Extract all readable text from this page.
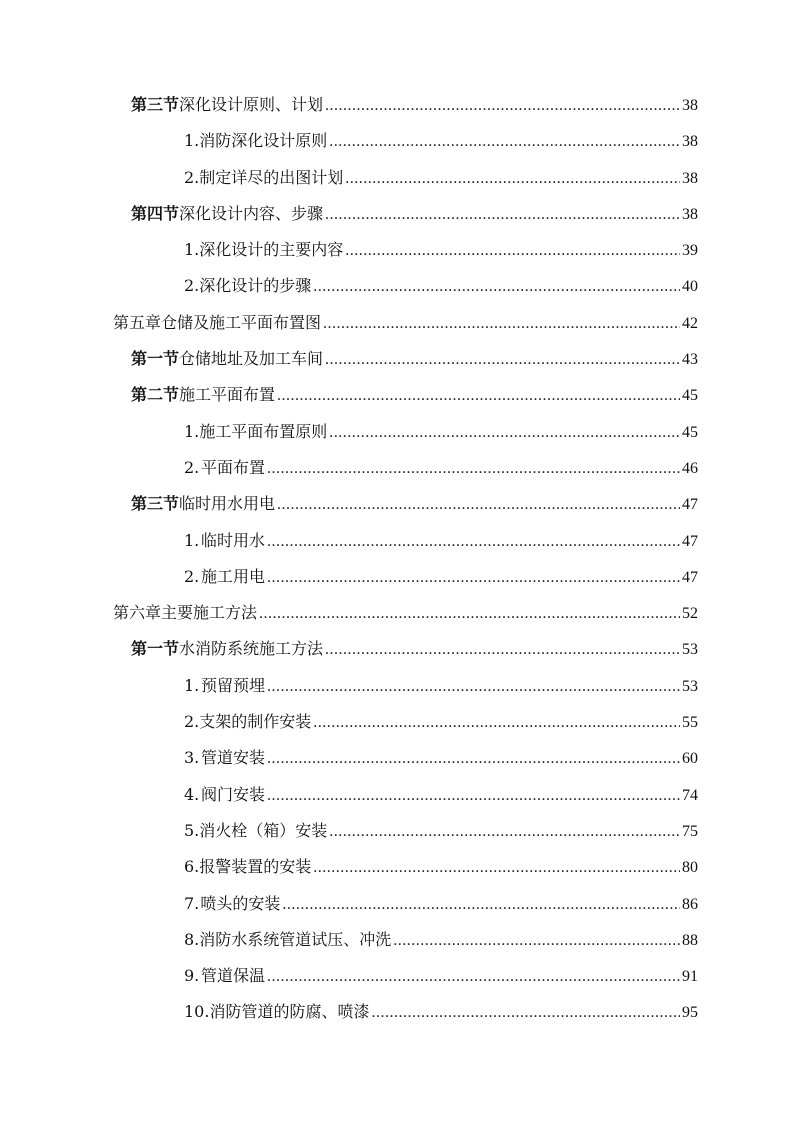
第三节 深化设计原则、计划 .....	38
1. 消防深化设计原则 .....	38
2. 制定详尽的出图计划 .....	38
第四节 深化设计内容、步骤 .....	38
1. 深化设计的主要内容 .....	39
2. 深化设计的步骤 .....	40
第五章 仓储及施工平面布置图 .....	42
第一节 仓储地址及加工车间 .....	43
第二节 施工平面布置 .....	45
1. 施工平面布置原则 .....	45
2. 平面布置 .....	46
第三节 临时用水用电 .....	47
1. 临时用水 .....	47
2. 施工用电 .....	47
第六章 主要施工方法 .....	52
第一节 水消防系统施工方法 .....	53
1. 预留预埋 .....	53
2. 支架的制作安装 .....	55
3. 管道安装 .....	60
4. 阀门安装 .....	74
5. 消火栓（箱）安装 .....	75
6. 报警装置的安装 .....	80
7. 喷头的安装 .....	86
8. 消防水系统管道试压、冲洗 .....	88
9. 管道保温 .....	91
10. 消防管道的防腐、喷漆 .....	95
